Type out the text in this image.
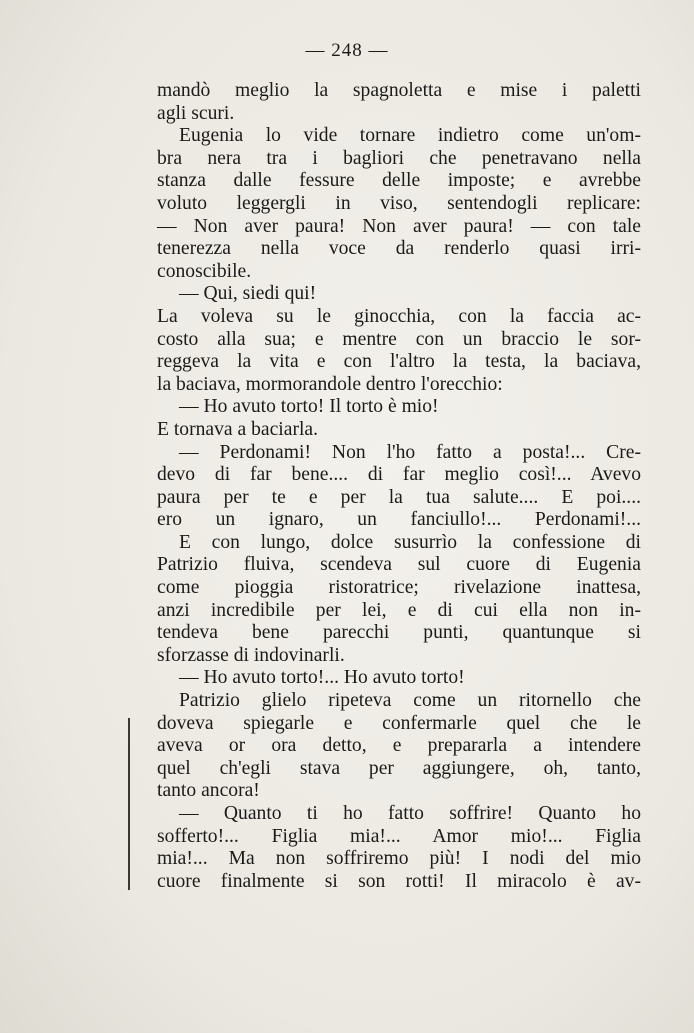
— 248 —
mandò meglio la spagnoletta e mise i paletti
agli scuri.
Eugenia lo vide tornare indietro come un'om-
bra nera tra i bagliori che penetravano nella
stanza dalle fessure delle imposte; e avrebbe
voluto leggergli in viso, sentendogli replicare:
— Non aver paura! Non aver paura! — con tale
tenerezza nella voce da renderlo quasi irri-
conoscibile.
— Qui, siedi qui!
La voleva su le ginocchia, con la faccia ac-
costo alla sua; e mentre con un braccio le sor-
reggeva la vita e con l'altro la testa, la baciava,
la baciava, mormorandole dentro l'orecchio:
— Ho avuto torto! Il torto è mio!
E tornava a baciarla.
— Perdonami! Non l'ho fatto a posta!... Cre-
devo di far bene.... di far meglio così!... Avevo
paura per te e per la tua salute.... E poi....
ero un ignaro, un fanciullo!... Perdonami!...
E con lungo, dolce susurrìo la confessione di
Patrizio fluiva, scendeva sul cuore di Eugenia
come pioggia ristoratrice; rivelazione inattesa,
anzi incredibile per lei, e di cui ella non in-
tendeva bene parecchi punti, quantunque si
sforzasse di indovinarli.
— Ho avuto torto!... Ho avuto torto!
Patrizio glielo ripeteva come un ritornello che
doveva spiegarle e confermarle quel che le
aveva or ora detto, e prepararla a intendere
quel ch'egli stava per aggiungere, oh, tanto,
tanto ancora!
— Quanto ti ho fatto soffrire! Quanto ho
sofferto!... Figlia mia!... Amor mio!... Figlia
mia!... Ma non soffriremo più! I nodi del mio
cuore finalmente si son rotti! Il miracolo è av-
